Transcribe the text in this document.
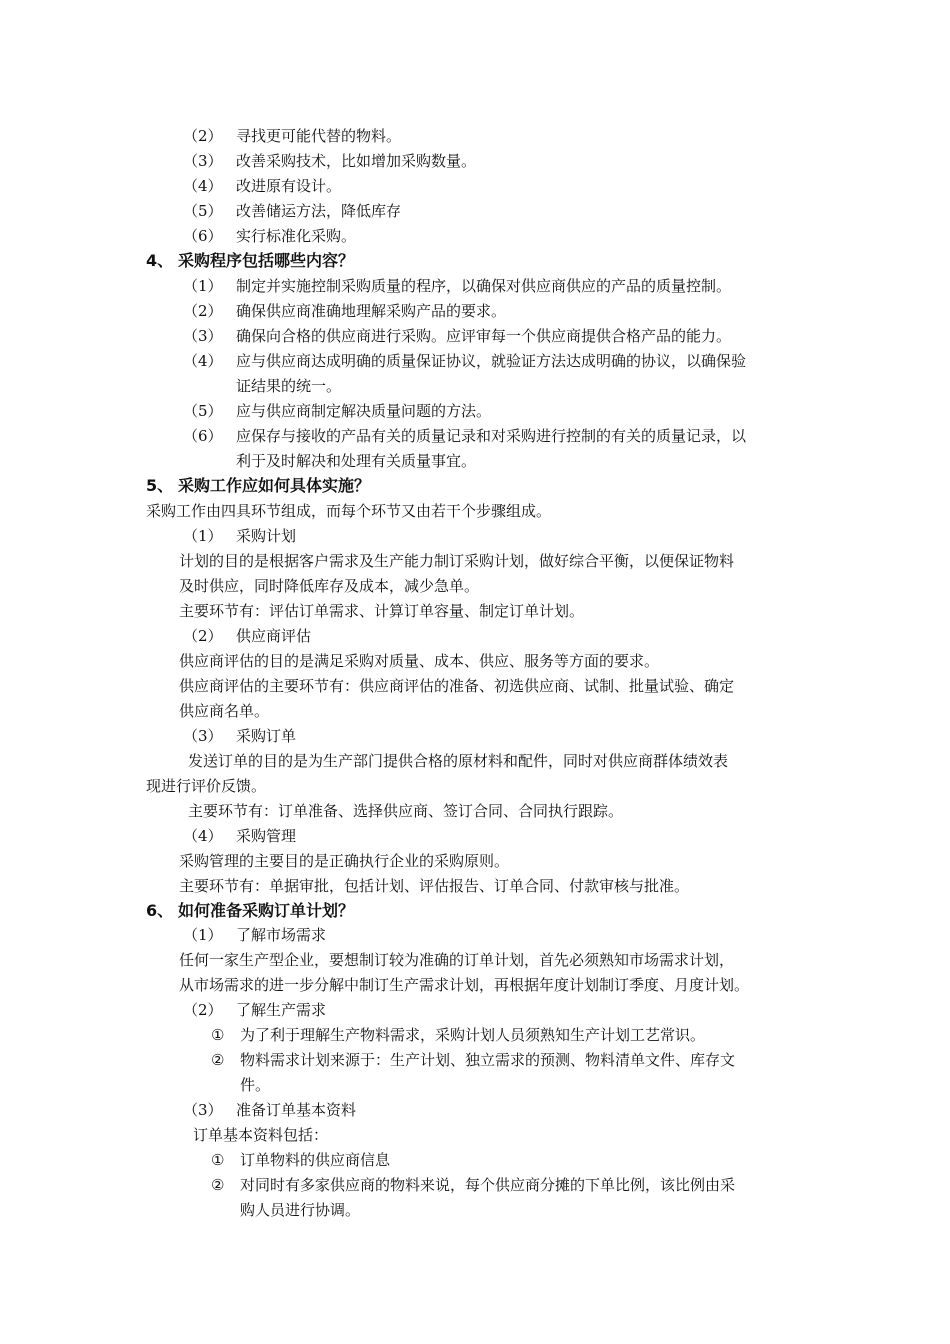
（2） 寻找更可能代替的物料。
（3） 改善采购技术，比如增加采购数量。
（4） 改进原有设计。
（5） 改善储运方法，降低库存
（6） 实行标准化采购。
4、 采购程序包括哪些内容？
（1） 制定并实施控制采购质量的程序，以确保对供应商供应的产品的质量控制。
（2） 确保供应商准确地理解采购产品的要求。
（3） 确保向合格的供应商进行采购。应评审每一个供应商提供合格产品的能力。
（4） 应与供应商达成明确的质量保证协议，就验证方法达成明确的协议，以确保验
证结果的统一。
（5） 应与供应商制定解决质量问题的方法。
（6） 应保存与接收的产品有关的质量记录和对采购进行控制的有关的质量记录，以
利于及时解决和处理有关质量事宜。
5、 采购工作应如何具体实施？
采购工作由四具环节组成，而每个环节又由若干个步骤组成。
（1） 采购计划
计划的目的是根据客户需求及生产能力制订采购计划，做好综合平衡，以便保证物料
及时供应，同时降低库存及成本，减少急单。
主要环节有：评估订单需求、计算订单容量、制定订单计划。
（2） 供应商评估
供应商评估的目的是满足采购对质量、成本、供应、服务等方面的要求。
供应商评估的主要环节有：供应商评估的准备、初选供应商、试制、批量试验、确定
供应商名单。
（3） 采购订单
发送订单的目的是为生产部门提供合格的原材料和配件，同时对供应商群体绩效表
现进行评价反馈。
主要环节有：订单准备、选择供应商、签订合同、合同执行跟踪。
（4） 采购管理
采购管理的主要目的是正确执行企业的采购原则。
主要环节有：单据审批，包括计划、评估报告、订单合同、付款审核与批准。
6、 如何准备采购订单计划？
（1） 了解市场需求
任何一家生产型企业，要想制订较为准确的订单计划，首先必须熟知市场需求计划，
从市场需求的进一步分解中制订生产需求计划，再根据年度计划制订季度、月度计划。
（2） 了解生产需求
① 为了利于理解生产物料需求，采购计划人员须熟知生产计划工艺常识。
② 物料需求计划来源于：生产计划、独立需求的预测、物料清单文件、库存文
件。
（3） 准备订单基本资料
订单基本资料包括：
① 订单物料的供应商信息
② 对同时有多家供应商的物料来说，每个供应商分摊的下单比例，该比例由采
购人员进行协调。
